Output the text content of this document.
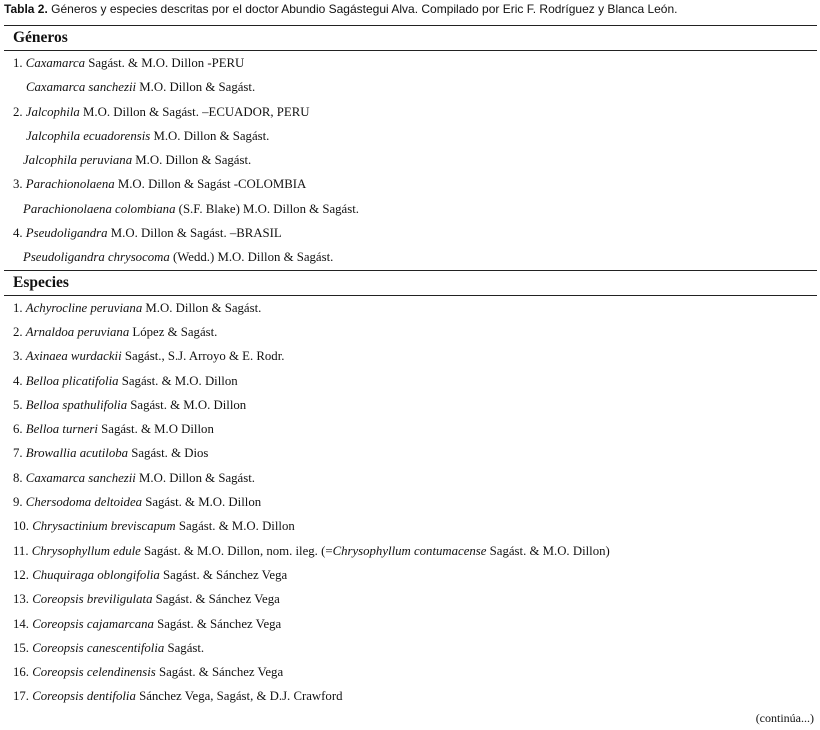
Tabla 2. Géneros y especies descritas por el doctor Abundio Sagástegui Alva. Compilado por Eric F. Rodríguez y Blanca León.
Géneros
1. Caxamarca Sagást. & M.O. Dillon -PERU
Caxamarca sanchezii M.O. Dillon & Sagást.
2. Jalcophila M.O. Dillon & Sagást. –ECUADOR, PERU
Jalcophila ecuadorensis M.O. Dillon & Sagást.
Jalcophila peruviana M.O. Dillon & Sagást.
3. Parachionolaena M.O. Dillon & Sagást -COLOMBIA
Parachionolaena colombiana (S.F. Blake) M.O. Dillon & Sagást.
4. Pseudoligandra M.O. Dillon & Sagást. –BRASIL
Pseudoligandra chrysocoma (Wedd.) M.O. Dillon & Sagást.
Especies
1. Achyrocline peruviana M.O. Dillon & Sagást.
2. Arnaldoa peruviana López & Sagást.
3. Axinaea wurdackii Sagást., S.J. Arroyo & E. Rodr.
4. Belloa plicatifolia Sagást. & M.O. Dillon
5. Belloa spathulifolia Sagást. & M.O. Dillon
6. Belloa turneri Sagást. & M.O Dillon
7. Browallia acutiloba Sagást. & Dios
8. Caxamarca sanchezii M.O. Dillon & Sagást.
9. Chersodoma deltoidea Sagást. & M.O. Dillon
10. Chrysactinium breviscapum Sagást. & M.O. Dillon
11. Chrysophyllum edule Sagást. & M.O. Dillon, nom. ileg. (=Chrysophyllum contumacense Sagást. & M.O. Dillon)
12. Chuquiraga oblongifolia Sagást. & Sánchez Vega
13. Coreopsis breviligulata Sagást. & Sánchez Vega
14. Coreopsis cajamarcana Sagást. & Sánchez Vega
15. Coreopsis canescentifolia Sagást.
16. Coreopsis celendinensis Sagást. & Sánchez Vega
17. Coreopsis dentifolia Sánchez Vega, Sagást, & D.J. Crawford
(continúa...)
